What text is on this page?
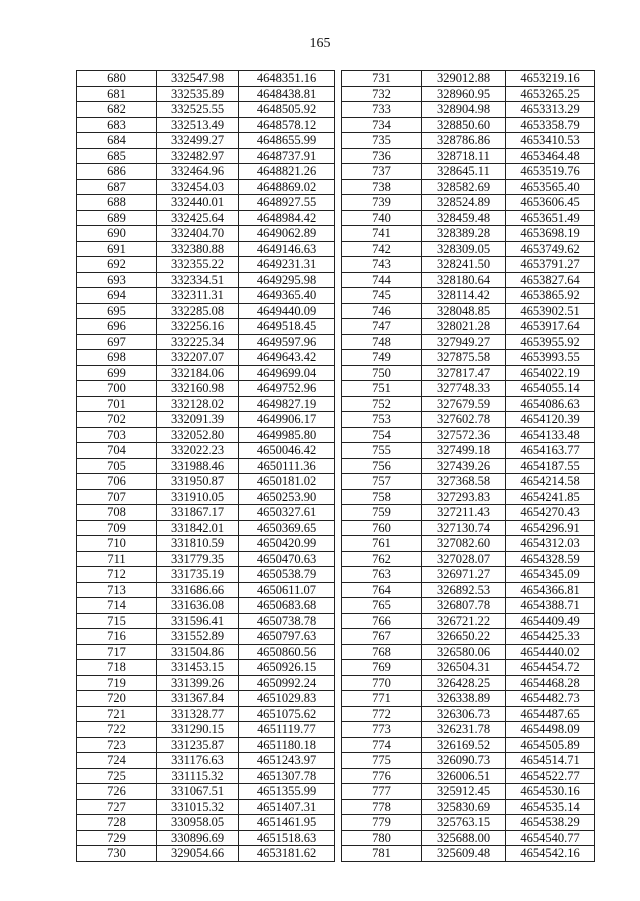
165
680	332547.98	4648351.16
681	332535.89	4648438.81
682	332525.55	4648505.92
683	332513.49	4648578.12
684	332499.27	4648655.99
685	332482.97	4648737.91
686	332464.96	4648821.26
687	332454.03	4648869.02
688	332440.01	4648927.55
689	332425.64	4648984.42
690	332404.70	4649062.89
691	332380.88	4649146.63
692	332355.22	4649231.31
693	332334.51	4649295.98
694	332311.31	4649365.40
695	332285.08	4649440.09
696	332256.16	4649518.45
697	332225.34	4649597.96
698	332207.07	4649643.42
699	332184.06	4649699.04
700	332160.98	4649752.96
701	332128.02	4649827.19
702	332091.39	4649906.17
703	332052.80	4649985.80
704	332022.23	4650046.42
705	331988.46	4650111.36
706	331950.87	4650181.02
707	331910.05	4650253.90
708	331867.17	4650327.61
709	331842.01	4650369.65
710	331810.59	4650420.99
711	331779.35	4650470.63
712	331735.19	4650538.79
713	331686.66	4650611.07
714	331636.08	4650683.68
715	331596.41	4650738.78
716	331552.89	4650797.63
717	331504.86	4650860.56
718	331453.15	4650926.15
719	331399.26	4650992.24
720	331367.84	4651029.83
721	331328.77	4651075.62
722	331290.15	4651119.77
723	331235.87	4651180.18
724	331176.63	4651243.97
725	331115.32	4651307.78
726	331067.51	4651355.99
727	331015.32	4651407.31
728	330958.05	4651461.95
729	330896.69	4651518.63
730	329054.66	4653181.62
731	329012.88	4653219.16
732	328960.95	4653265.25
733	328904.98	4653313.29
734	328850.60	4653358.79
735	328786.86	4653410.53
736	328718.11	4653464.48
737	328645.11	4653519.76
738	328582.69	4653565.40
739	328524.89	4653606.45
740	328459.48	4653651.49
741	328389.28	4653698.19
742	328309.05	4653749.62
743	328241.50	4653791.27
744	328180.64	4653827.64
745	328114.42	4653865.92
746	328048.85	4653902.51
747	328021.28	4653917.64
748	327949.27	4653955.92
749	327875.58	4653993.55
750	327817.47	4654022.19
751	327748.33	4654055.14
752	327679.59	4654086.63
753	327602.78	4654120.39
754	327572.36	4654133.48
755	327499.18	4654163.77
756	327439.26	4654187.55
757	327368.58	4654214.58
758	327293.83	4654241.85
759	327211.43	4654270.43
760	327130.74	4654296.91
761	327082.60	4654312.03
762	327028.07	4654328.59
763	326971.27	4654345.09
764	326892.53	4654366.81
765	326807.78	4654388.71
766	326721.22	4654409.49
767	326650.22	4654425.33
768	326580.06	4654440.02
769	326504.31	4654454.72
770	326428.25	4654468.28
771	326338.89	4654482.73
772	326306.73	4654487.65
773	326231.78	4654498.09
774	326169.52	4654505.89
775	326090.73	4654514.71
776	326006.51	4654522.77
777	325912.45	4654530.16
778	325830.69	4654535.14
779	325763.15	4654538.29
780	325688.00	4654540.77
781	325609.48	4654542.16
